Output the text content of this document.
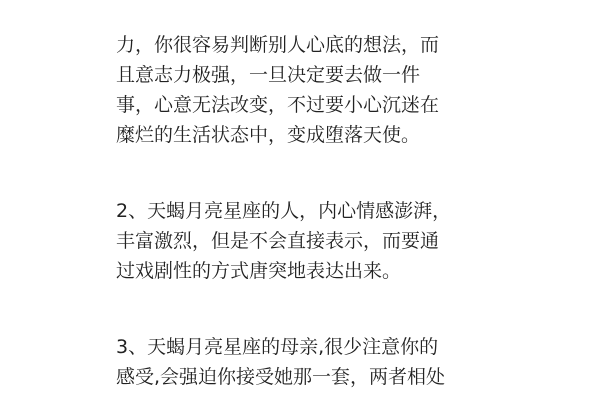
力，你很容易判断别人心底的想法，而
且意志力极强，一旦决定要去做一件
事，心意无法改变，不过要小心沉迷在
糜烂的生活状态中，变成堕落天使。
2、天蝎月亮星座的人，内心情感澎湃，
丰富激烈，但是不会直接表示，而要通
过戏剧性的方式唐突地表达出来。
3、天蝎月亮星座的母亲,很少注意你的
感受,会强迫你接受她那一套，两者相处
